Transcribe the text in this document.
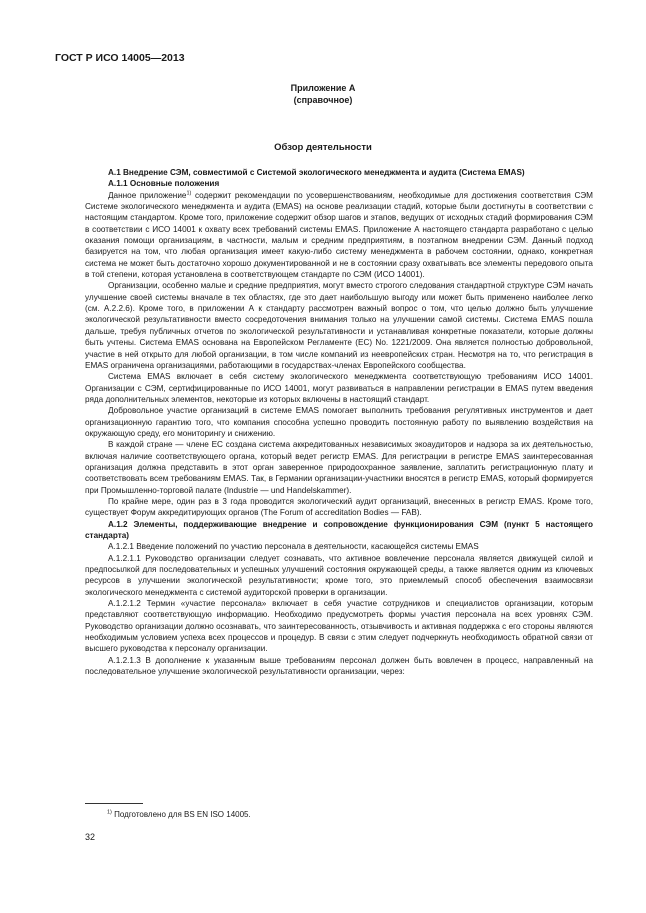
ГОСТ Р ИСО 14005—2013
Приложение А
(справочное)
Обзор деятельности

А.1 Внедрение СЭМ, совместимой с Системой экологического менеджмента и аудита (Система EMAS)

А.1.1 Основные положения

Данное приложение$^{1)}$ содержит рекомендации по усовершенствованиям, необходимые для достижения соответствия СЭМ Системе экологического менеджмента и аудита (EMAS) на основе реализации стадий, которые были достигнуты в соответствии с настоящим стандартом. Кроме того, приложение содержит обзор шагов и этапов, ведущих от исходных стадий формирования СЭМ в соответствии с ИСО 14001 к охвату всех требований системы EMAS. Приложение А настоящего стандарта разработано с целью оказания помощи организациям, в частности, малым и средним предприятиям, в поэтапном внедрении СЭМ. Данный подход базируется на том, что любая организация имеет какую-либо систему менеджмента в рабочем состоянии, однако, конкретная система не может быть достаточно хорошо документированной и не в состоянии сразу охватывать все элементы передового опыта в той степени, которая установлена в соответствующем стандарте по СЭМ (ИСО 14001).

Организации, особенно малые и средние предприятия, могут вместо строгого следования стандартной структуре СЭМ начать улучшение своей системы вначале в тех областях, где это дает наибольшую выгоду или может быть применено наиболее легко (см. А.2.2.6). Кроме того, в приложении А к стандарту рассмотрен важный вопрос о том, что целью должно быть улучшение экологической результативности вместо сосредоточения внимания только на улучшении самой системы. Система EMAS пошла дальше, требуя публичных отчетов по экологической результативности и устанавливая конкретные показатели, которые должны быть учтены. Система EMAS основана на Европейском Регламенте (ЕС) No. 1221/2009. Она является полностью добровольной, участие в ней открыто для любой организации, в том числе компаний из неевропейских стран. Несмотря на то, что регистрация в EMAS ограничена организациями, работающими в государствах-членах Европейского сообщества.

Система EMAS включает в себя систему экологического менеджмента соответствующую требованиям ИСО 14001. Организации с СЭМ, сертифицированные по ИСО 14001, могут развиваться в направлении регистрации в EMAS путем введения ряда дополнительных элементов, некоторые из которых включены в настоящий стандарт.

Добровольное участие организаций в системе EMAS помогает выполнить требования регулятивных инструментов и дает организационную гарантию того, что компания способна успешно проводить постоянную работу по выявлению воздействия на окружающую среду, его мониторингу и снижению.

В каждой стране — члене ЕС создана система аккредитованных независимых экоаудиторов и надзора за их деятельностью, включая наличие соответствующего органа, который ведет регистр EMAS. Для регистрации в регистре EMAS заинтересованная организация должна представить в этот орган заверенное природоохранное заявление, заплатить регистрационную плату и соответствовать всем требованиям EMAS. Так, в Германии организации-участники вносятся в регистр EMAS, который формируется при Промышленно-торговой палате (Industrie — und Handelskammer).

По крайне мере, один раз в 3 года проводится экологический аудит организаций, внесенных в регистр EMAS. Кроме того, существует Форум аккредитирующих органов (The Forum of accreditation Bodies — FAB).

А.1.2 Элементы, поддерживающие внедрение и сопровождение функционирования СЭМ (пункт 5 настоящего стандарта)

А.1.2.1 Введение положений по участию персонала в деятельности, касающейся системы EMAS

А.1.2.1.1 Руководство организации следует сознавать, что активное вовлечение персонала является движущей силой и предпосылкой для последовательных и успешных улучшений состояния окружающей среды, а также является одним из ключевых ресурсов в улучшении экологической результативности; кроме того, это приемлемый способ обеспечения взаимосвязи экологического менеджмента с системой аудиторской проверки в организации.

А.1.2.1.2 Термин «участие персонала» включает в себя участие сотрудников и специалистов организации, которым представляют соответствующую информацию. Необходимо предусмотреть формы участия персонала на всех уровнях СЭМ. Руководство организации должно осознавать, что заинтересованность, отзывчивость и активная поддержка с его стороны являются необходимым условием успеха всех процессов и процедур. В связи с этим следует подчеркнуть необходимость обратной связи от высшего руководства к персоналу организации.

А.1.2.1.3 В дополнение к указанным выше требованиям персонал должен быть вовлечен в процесс, направленный на последовательное улучшение экологической результативности организации, через:

$^{1)}$ Подготовлено для BS EN ISO 14005.
32
